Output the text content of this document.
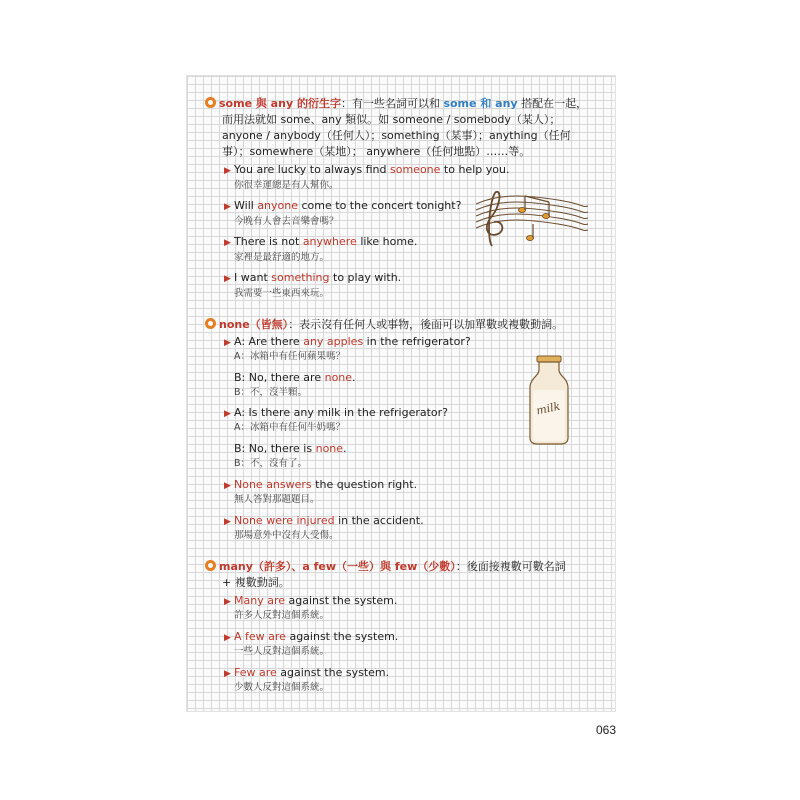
some 與 any 的衍生字：有一些名詞可以和 some 和 any 搭配在一起，
而用法就如 some、any 類似。如 someone / somebody（某人）；
anyone / anybody（任何人）；something（某事）；anything（任何
事）；somewhere（某地）； anywhere（任何地點）……等。
▶ You are lucky to always find someone to help you.
你很幸運總是有人幫你。
▶ Will anyone come to the concert tonight?
今晚有人會去音樂會嗎？
▶ There is not anywhere like home.
家裡是最舒適的地方。
▶ I want something to play with.
我需要一些東西來玩。
none（皆無）：表示沒有任何人或事物，後面可以加單數或複數動詞。
▶ A: Are there any apples in the refrigerator?
A：冰箱中有任何蘋果嗎？
B: No, there are none.
B：不，沒半顆。
▶ A: Is there any milk in the refrigerator?
A：冰箱中有任何牛奶嗎？
B: No, there is none.
B：不，沒有了。
▶ None answers the question right.
無人答對那題題目。
▶ None were injured in the accident.
那場意外中沒有人受傷。
milk
many（許多）、a few（一些）與 few（少數）：後面接複數可數名詞
+ 複數動詞。
▶ Many are against the system.
許多人反對這個系統。
▶ A few are against the system.
一些人反對這個系統。
▶ Few are against the system.
少數人反對這個系統。
063
